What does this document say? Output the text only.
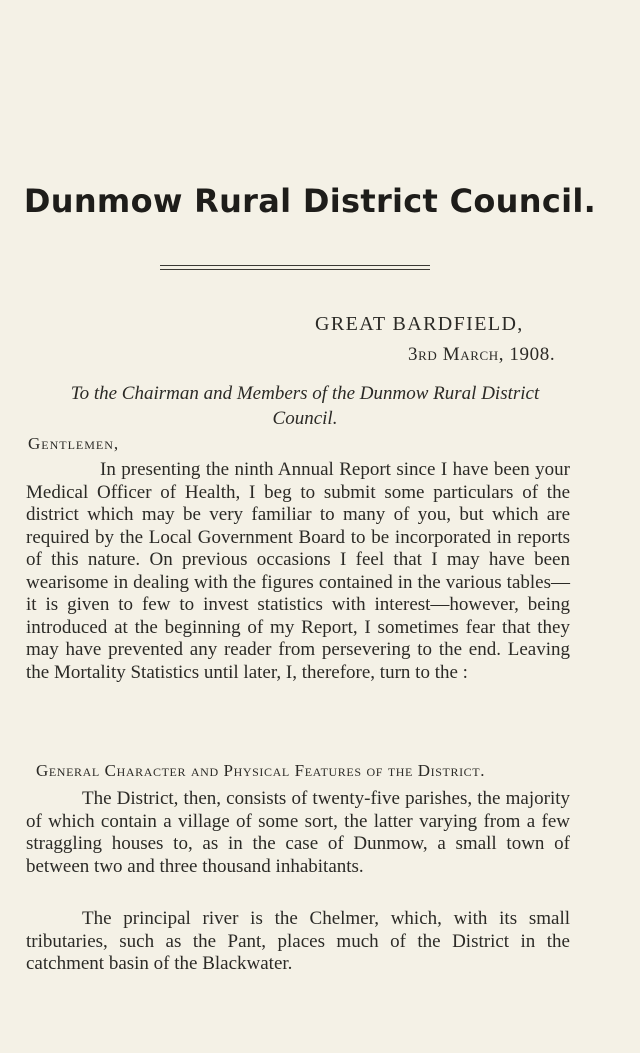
Dunmow Rural District Council.
GREAT BARDFIELD,
3rd March, 1908.
To the Chairman and Members of the Dunmow Rural District Council.
Gentlemen,
In presenting the ninth Annual Report since I have been your Medical Officer of Health, I beg to submit some particulars of the district which may be very familiar to many of you, but which are required by the Local Government Board to be incorporated in reports of this nature. On previous occasions I feel that I may have been wearisome in dealing with the figures contained in the various tables—it is given to few to invest statistics with interest—however, being introduced at the beginning of my Report, I sometimes fear that they may have prevented any reader from persevering to the end. Leaving the Mortality Statistics until later, I, therefore, turn to the :
General Character and Physical Features of the District.
The District, then, consists of twenty-five parishes, the majority of which contain a village of some sort, the latter varying from a few straggling houses to, as in the case of Dunmow, a small town of between two and three thousand inhabitants.
The principal river is the Chelmer, which, with its small tributaries, such as the Pant, places much of the District in the catchment basin of the Blackwater.
